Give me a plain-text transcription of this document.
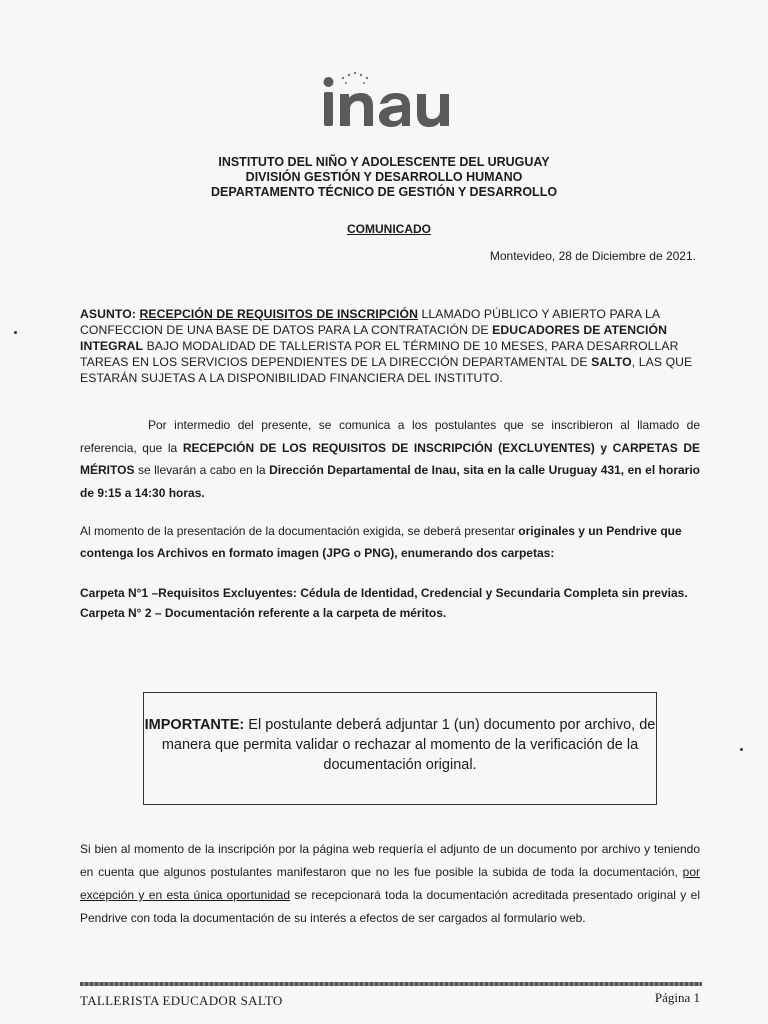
inau
INSTITUTO DEL NIÑO Y ADOLESCENTE DEL URUGUAY
DIVISIÓN GESTIÓN Y DESARROLLO HUMANO
DEPARTAMENTO TÉCNICO DE GESTIÓN Y DESARROLLO
COMUNICADO
Montevideo, 28 de Diciembre de 2021.
ASUNTO: RECEPCIÓN DE REQUISITOS DE INSCRIPCIÓN LLAMADO PÚBLICO Y ABIERTO PARA LA CONFECCION DE UNA BASE DE DATOS PARA LA CONTRATACIÓN DE EDUCADORES DE ATENCIÓN INTEGRAL BAJO MODALIDAD DE TALLERISTA POR EL TÉRMINO DE 10 MESES, PARA DESARROLLAR TAREAS EN LOS SERVICIOS DEPENDIENTES DE LA DIRECCIÓN DEPARTAMENTAL DE SALTO, LAS QUE ESTARÁN SUJETAS A LA DISPONIBILIDAD FINANCIERA DEL INSTITUTO.
Por intermedio del presente, se comunica a los postulantes que se inscribieron al llamado de referencia, que la RECEPCIÓN DE LOS REQUISITOS DE INSCRIPCIÓN (EXCLUYENTES) y CARPETAS DE MÉRITOS se llevarán a cabo en la Dirección Departamental de Inau, sita en la calle Uruguay 431, en el horario de 9:15 a 14:30 horas.
Al momento de la presentación de la documentación exigida, se deberá presentar originales y un Pendrive que contenga los Archivos en formato imagen (JPG o PNG), enumerando dos carpetas:
Carpeta N°1 –Requisitos Excluyentes: Cédula de Identidad, Credencial y Secundaria Completa sin previas.
Carpeta N° 2 – Documentación referente a la carpeta de méritos.
IMPORTANTE: El postulante deberá adjuntar 1 (un) documento por archivo, de manera que permita validar o rechazar al momento de la verificación de la documentación original.
Si bien al momento de la inscripción por la página web requería el adjunto de un documento por archivo y teniendo en cuenta que algunos postulantes manifestaron que no les fue posible la subida de toda la documentación, por excepción y en esta única oportunidad se recepcionará toda la documentación acreditada presentado original y el Pendrive con toda la documentación de su interés a efectos de ser cargados al formulario web.
TALLERISTA EDUCADOR SALTO	Página 1
